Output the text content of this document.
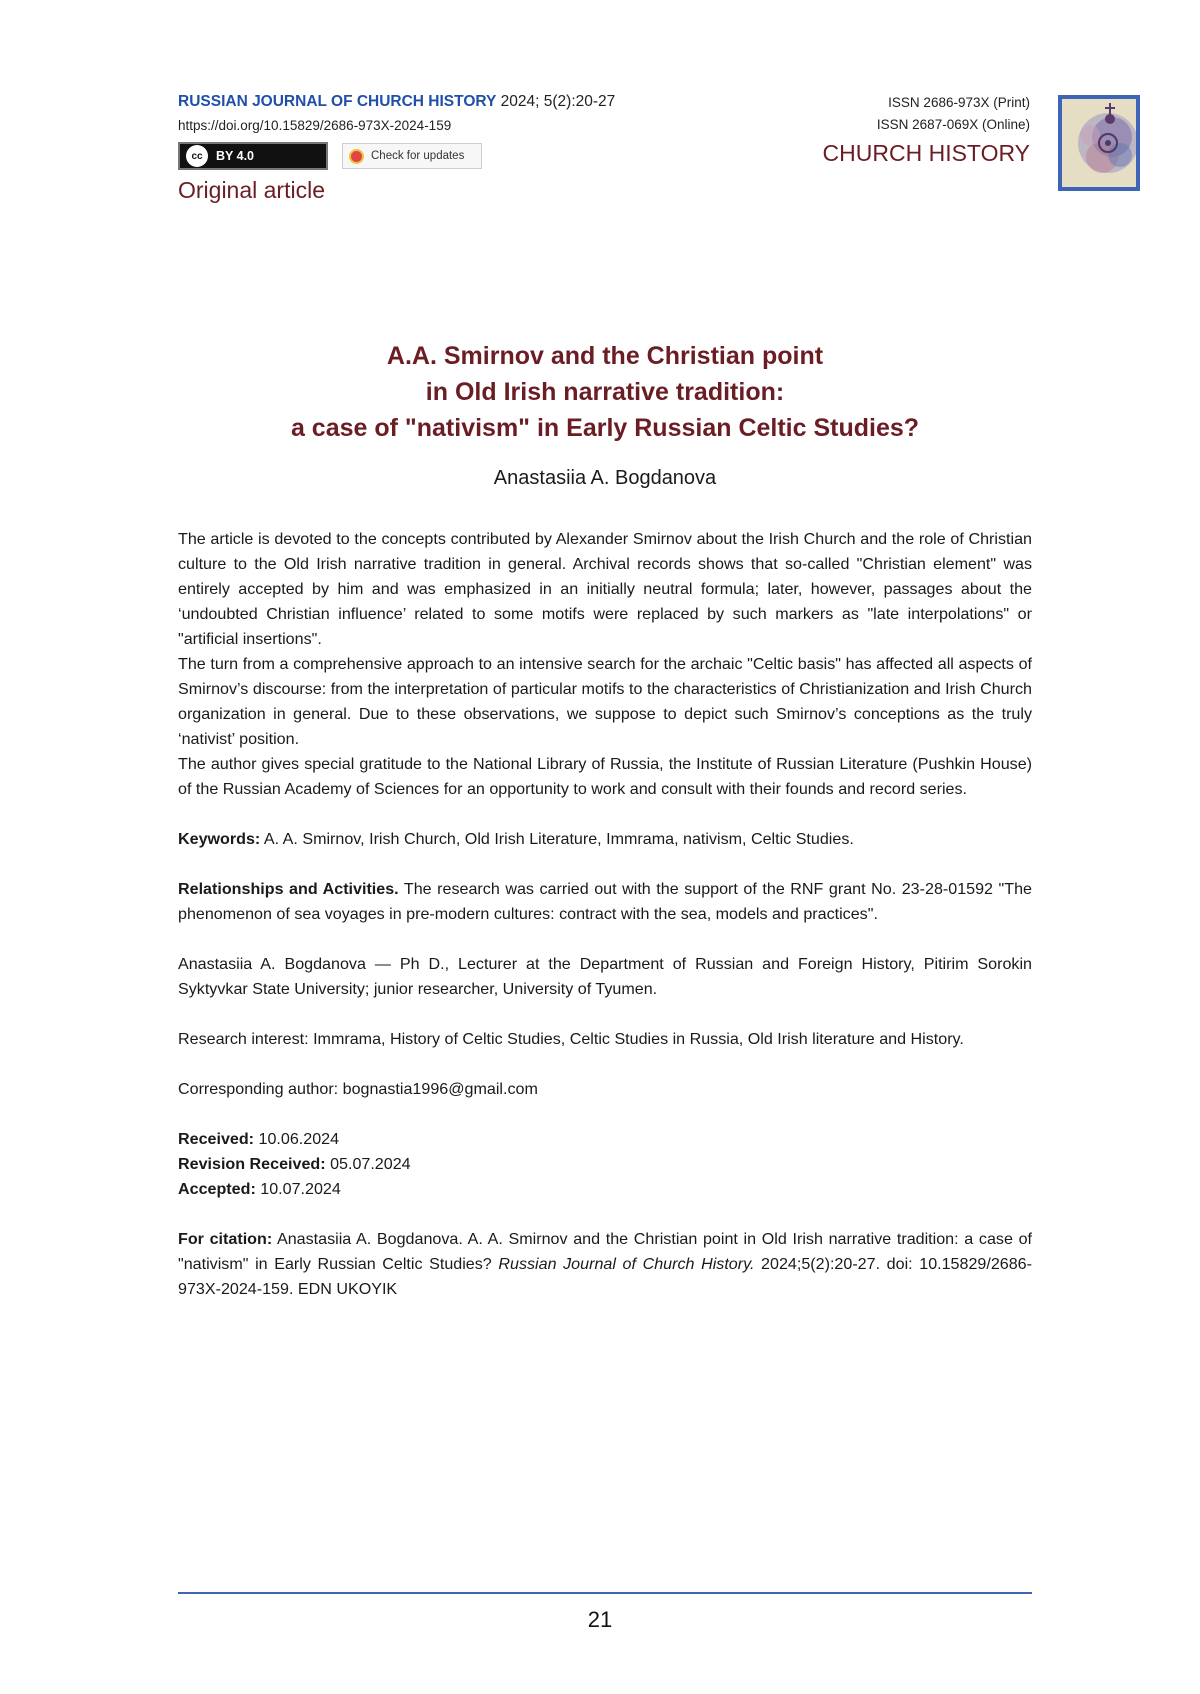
RUSSIAN JOURNAL OF CHURCH HISTORY 2024; 5(2):20-27
https://doi.org/10.15829/2686-973X-2024-159
cc	BY 4.0	Check for updates
Original article
ISSN 2686-973X (Print)
ISSN 2687-069X (Online)
CHURCH HISTORY
A.A. Smirnov and the Christian point
in Old Irish narrative tradition:
a case of "nativism" in Early Russian Celtic Studies?
Anastasiia A. Bogdanova

The article is devoted to the concepts contributed by Alexander Smirnov about the Irish Church and the role of Christian culture to the Old Irish narrative tradition in general. Archival records shows that so-called "Christian element" was entirely accepted by him and was emphasized in an initially neutral formula; later, however, passages about the ‘undoubted Christian influence’ related to some motifs were replaced by such markers as "late interpolations" or "artificial insertions".

The turn from a comprehensive approach to an intensive search for the archaic "Celtic basis" has affected all aspects of Smirnov’s discourse: from the interpretation of particular motifs to the characteristics of Christianization and Irish Church organization in general. Due to these observations, we suppose to depict such Smirnov’s conceptions as the truly ‘nativist’ position.

The author gives special gratitude to the National Library of Russia, the Institute of Russian Literature (Pushkin House) of the Russian Academy of Sciences for an opportunity to work and consult with their founds and record series.

Keywords: A. A. Smirnov, Irish Church, Old Irish Literature, Immrama, nativism, Celtic Studies.

Relationships and Activities. The research was carried out with the support of the RNF grant No. 23-28-01592 "The phenomenon of sea voyages in pre-modern cultures: contract with the sea, models and practices".

Anastasiia A. Bogdanova — Ph D., Lecturer at the Department of Russian and Foreign History, Pitirim Sorokin Syktyvkar State University; junior researcher, University of Tyumen.

Research interest: Immrama, History of Celtic Studies, Celtic Studies in Russia, Old Irish literature and History.

Corresponding author: bognastia1996@gmail.com

Received: 10.06.2024

Revision Received: 05.07.2024

Accepted: 10.07.2024

For citation: Anastasiia A. Bogdanova. A. A. Smirnov and the Christian point in Old Irish narrative tradition: a case of "nativism" in Early Russian Celtic Studies? Russian Journal of Church History. 2024;5(2):20-27. doi: 10.15829/2686-973X-2024-159. EDN UKOYIK

21
